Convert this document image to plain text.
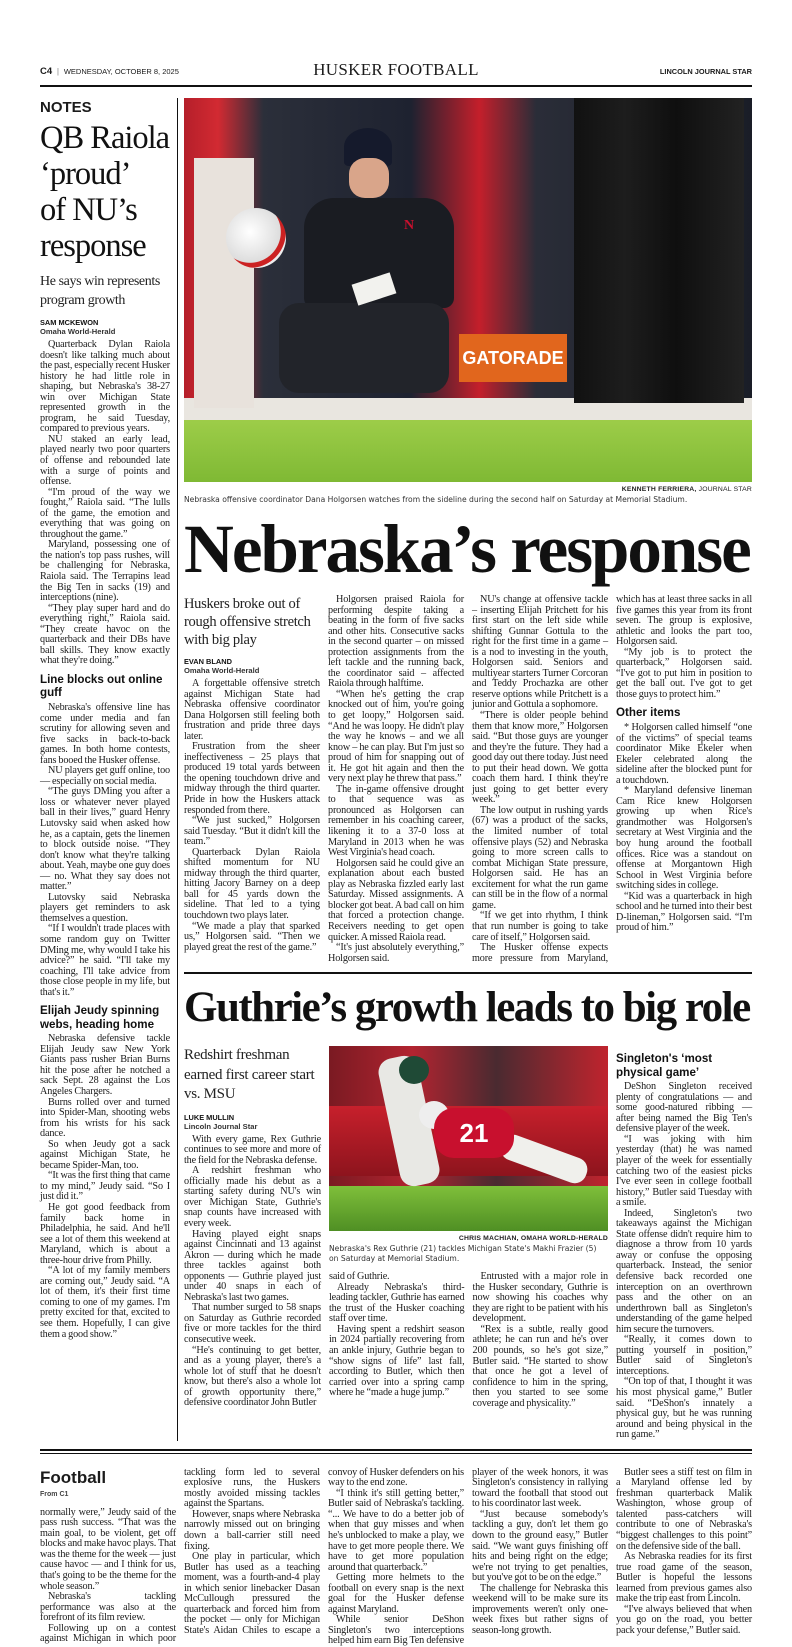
C4  |  WEDNESDAY, OCTOBER 8, 2025	HUSKER FOOTBALL	LINCOLN JOURNAL STAR
NOTES
QB Raiola
‘proud’
of NU’s
response
He says win represents program growth
SAM MCKEWON
Omaha World-Herald

Quarterback Dylan Raiola doesn't like talking much about the past, especially recent Husker history he had little role in shaping, but Nebraska's 38-27 win over Michigan State represented growth in the program, he said Tuesday, compared to previous years.

NU staked an early lead, played nearly two poor quarters of offense and rebounded late with a surge of points and offense.

“I'm proud of the way we fought,” Raiola said. “The lulls of the game, the emotion and everything that was going on throughout the game.”

Maryland, possessing one of the nation's top pass rushes, will be challenging for Nebraska, Raiola said. The Terrapins lead the Big Ten in sacks (19) and interceptions (nine).

“They play super hard and do everything right,” Raiola said. “They create havoc on the quarterback and their DBs have ball skills. They know exactly what they're doing.”

Line blocks out online guff

Nebraska's offensive line has come under media and fan scrutiny for allowing seven and five sacks in back-to-back games. In both home contests, fans booed the Husker offense.

NU players get guff online, too — especially on social media.

“The guys DMing you after a loss or whatever never played ball in their lives,” guard Henry Lutovsky said when asked how he, as a captain, gets the linemen to block outside noise. “They don't know what they're talking about. Yeah, maybe one guy does — no. What they say does not matter.”

Lutovsky said Nebraska players get reminders to ask themselves a question.

“If I wouldn't trade places with some random guy on Twitter DMing me, why would I take his advice?” he said. “I'll take my coaching, I'll take advice from those close people in my life, but that's it.”

Elijah Jeudy spinning webs, heading home

Nebraska defensive tackle Elijah Jeudy saw New York Giants pass rusher Brian Burns hit the pose after he notched a sack Sept. 28 against the Los Angeles Chargers.

Burns rolled over and turned into Spider-Man, shooting webs from his wrists for his sack dance.

So when Jeudy got a sack against Michigan State, he became Spider-Man, too.

“It was the first thing that came to my mind,” Jeudy said. “So I just did it.”

He got good feedback from family back home in Philadelphia, he said. And he'll see a lot of them this weekend at Maryland, which is about a three-hour drive from Philly.

“A lot of my family members are coming out,” Jeudy said. “A lot of them, it's their first time coming to one of my games. I'm pretty excited for that, excited to see them. Hopefully, I can give them a good show.”

N
GATORADE
KENNETH FERRIERA, JOURNAL STAR
Nebraska offensive coordinator Dana Holgorsen watches from the sideline during the second half on Saturday at Memorial Stadium.
Nebraska’s response
Huskers broke out of rough offensive stretch with big play
EVAN BLAND
Omaha World-Herald

A forgettable offensive stretch against Michigan State had Nebraska offensive coordinator Dana Holgorsen still feeling both frustration and pride three days later.

Frustration from the sheer ineffectiveness – 25 plays that produced 19 total yards between the opening touchdown drive and midway through the third quarter. Pride in how the Huskers attack responded from there.

“We just sucked,” Holgorsen said Tuesday. “But it didn't kill the team.”

Quarterback Dylan Raiola shifted momentum for NU midway through the third quarter, hitting Jacory Barney on a deep ball for 45 yards down the sideline. That led to a tying touchdown two plays later.

“We made a play that sparked us,” Holgorsen said. “Then we played great the rest of the game.”

Holgorsen praised Raiola for performing despite taking a beating in the form of five sacks and other hits. Consecutive sacks in the second quarter – on missed protection assignments from the left tackle and the running back, the coordinator said – affected Raiola through halftime.

“When he's getting the crap knocked out of him, you're going to get loopy,” Holgorsen said. “And he was loopy. He didn't play the way he knows – and we all know – he can play. But I'm just so proud of him for snapping out of it. He got hit again and then the very next play he threw that pass.”

The in-game offensive drought to that sequence was as pronounced as Holgorsen can remember in his coaching career, likening it to a 37-0 loss at Maryland in 2013 when he was West Virginia's head coach.

Holgorsen said he could give an explanation about each busted play as Nebraska fizzled early last Saturday. Missed assignments. A blocker got beat. A bad call on him that forced a protection change. Receivers needing to get open quicker. A missed Raiola read.

“It's just absolutely everything,” Holgorsen said.

NU's change at offensive tackle – inserting Elijah Pritchett for his first start on the left side while shifting Gunnar Gottula to the right for the first time in a game – is a nod to investing in the youth, Holgorsen said. Seniors and multiyear starters Turner Corcoran and Teddy Prochazka are other reserve options while Pritchett is a junior and Gottula a sophomore.

“There is older people behind them that know more,” Holgorsen said. “But those guys are younger and they're the future. They had a good day out there today. Just need to put their head down. We gotta coach them hard. I think they're just going to get better every week.”

The low output in rushing yards (67) was a product of the sacks, the limited number of total offensive plays (52) and Nebraska going to more screen calls to combat Michigan State pressure, Holgorsen said. He has an excitement for what the run game can still be in the flow of a normal game.

“If we get into rhythm, I think that run number is going to take care of itself,” Holgorsen said.

The Husker offense expects more pressure from Maryland, which has at least three sacks in all five games this year from its front seven. The group is explosive, athletic and looks the part too, Holgorsen said.

“My job is to protect the quarterback,” Holgorsen said. “I've got to put him in position to get the ball out. I've got to get those guys to protect him.”

Other items

* Holgorsen called himself “one of the victims” of special teams coordinator Mike Ekeler when Ekeler celebrated along the sideline after the blocked punt for a touchdown.

* Maryland defensive lineman Cam Rice knew Holgorsen growing up when Rice's grandmother was Holgorsen's secretary at West Virginia and the boy hung around the football offices. Rice was a standout on offense at Morgantown High School in West Virginia before switching sides in college.

“Kid was a quarterback in high school and he turned into their best D-lineman,” Holgorsen said. “I'm proud of him.”

Guthrie’s growth leads to big role
Redshirt freshman earned first career start vs. MSU
LUKE MULLIN
Lincoln Journal Star

With every game, Rex Guthrie continues to see more and more of the field for the Nebraska defense.

A redshirt freshman who officially made his debut as a starting safety during NU's win over Michigan State, Guthrie's snap counts have increased with every week.

Having played eight snaps against Cincinnati and 13 against Akron — during which he made three tackles against both opponents — Guthrie played just under 40 snaps in each of Nebraska's last two games.

That number surged to 58 snaps on Saturday as Guthrie recorded five or more tackles for the third consecutive week.

“He's continuing to get better, and as a young player, there's a whole lot of stuff that he doesn't know, but there's also a whole lot of growth opportunity there,” defensive coordinator John Butler

21
CHRIS MACHIAN, OMAHA WORLD-HERALD
Nebraska's Rex Guthrie (21) tackles Michigan State's Makhi Frazier (5) on Saturday at Memorial Stadium.

said of Guthrie.

Already Nebraska's third-leading tackler, Guthrie has earned the trust of the Husker coaching staff over time.

Having spent a redshirt season in 2024 partially recovering from an ankle injury, Guthrie began to “show signs of life” last fall, according to Butler, which then carried over into a spring camp where he “made a huge jump.”

Entrusted with a major role in the Husker secondary, Guthrie is now showing his coaches why they are right to be patient with his development.

“Rex is a subtle, really good athlete; he can run and he's over 200 pounds, so he's got size,” Butler said. “He started to show that once he got a level of confidence to him in the spring, then you started to see some coverage and physicality.”

Singleton's ‘most physical game’

DeShon Singleton received plenty of congratulations — and some good-natured ribbing — after being named the Big Ten's defensive player of the week.

“I was joking with him yesterday (that) he was named player of the week for essentially catching two of the easiest picks I've ever seen in college football history,” Butler said Tuesday with a smile.

Indeed, Singleton's two takeaways against the Michigan State offense didn't require him to diagnose a throw from 10 yards away or confuse the opposing quarterback. Instead, the senior defensive back recorded one interception on an overthrown pass and the other on an underthrown ball as Singleton's understanding of the game helped him secure the turnovers.

“Really, it comes down to putting yourself in position,” Butler said of Singleton's interceptions.

“On top of that, I thought it was his most physical game,” Butler said. “DeShon's innately a physical guy, but he was running around and being physical in the run game.”

Football
From C1

normally were,” Jeudy said of the pass rush success. “That was the main goal, to be violent, get off blocks and make havoc plays. That was the theme for the week — just cause havoc — and I think for us, that's going to be the theme for the whole season.”

Nebraska's tackling performance was also at the forefront of its film review.

Following up on a contest against Michigan in which poor tackling form led to several explosive runs, the Huskers mostly avoided missing tackles against the Spartans.

However, snaps where Nebraska narrowly missed out on bringing down a ball-carrier still need fixing.

One play in particular, which Butler has used as a teaching moment, was a fourth-and-4 play in which senior linebacker Dasan McCullough pressured the quarterback and forced him from the pocket — only for Michigan State's Aidan Chiles to escape a convoy of Husker defenders on his way to the end zone.

“I think it's still getting better,” Butler said of Nebraska's tackling. “... We have to do a better job of when that guy misses and when he's unblocked to make a play, we have to get more people there. We have to get more population around that quarterback.”

Getting more helmets to the football on every snap is the next goal for the Husker defense against Maryland.

While senior DeShon Singleton's two interceptions helped him earn Big Ten defensive player of the week honors, it was Singleton's consistency in rallying toward the football that stood out to his coordinator last week.

“Just because somebody's tackling a guy, don't let them go down to the ground easy,” Butler said. “We want guys finishing off hits and being right on the edge; we're not trying to get penalties, but you've got to be on the edge.”

The challenge for Nebraska this weekend will to be make sure its improvements weren't only one-week fixes but rather signs of season-long growth.

Butler sees a stiff test on film in a Maryland offense led by freshman quarterback Malik Washington, whose group of talented pass-catchers will contribute to one of Nebraska's “biggest challenges to this point” on the defensive side of the ball.

As Nebraska readies for its first true road game of the season, Butler is hopeful the lessons learned from previous games also make the trip east from Lincoln.

“I've always believed that when you go on the road, you better pack your defense,” Butler said.
